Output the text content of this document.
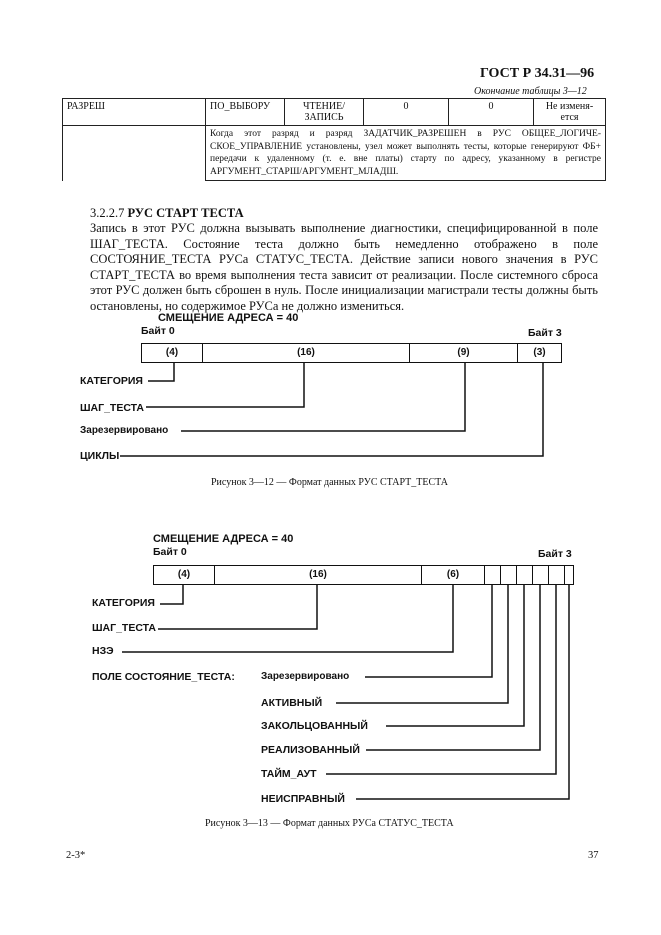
ГОСТ Р 34.31—96
Окончание таблицы 3—12
РАЗРЕШ	ПО_ВЫБОРУ	ЧТЕНИЕ/ ЗАПИСЬ	0	0	Не изменя-ется
	Когда этот разряд и разряд ЗАДАТЧИК_РАЗРЕШЕН в РУС ОБЩЕЕ_ЛОГИЧЕ-СКОЕ_УПРАВЛЕНИЕ установлены, узел может выполнять тесты, которые генерируют ФБ+ передачи к удаленному (т. е. вне платы) старту по адресу, указанному в регистре АРГУМЕНТ_СТАРШ/АРГУМЕНТ_МЛАДШ.				
3.2.2.7 РУС СТАРТ ТЕСТА
Запись в этот РУС должна вызывать выполнение диагностики, специфицированной в поле ШАГ_ТЕСТА. Состояние теста должно быть немедленно отображено в поле СОСТОЯНИЕ_ТЕСТА РУСа СТАТУС_ТЕСТА. Действие записи нового значения в РУС СТАРТ_ТЕСТА во время выполнения теста зависит от реализации. После системного сброса этот РУС должен быть сброшен в нуль. После инициализации магистрали тесты должны быть остановлены, но содержимое РУСа не должно измениться.
СМЕЩЕНИЕ АДРЕСА = 40
Байт 0	Байт 3
(4)	(16)	(9)	(3)
КАТЕГОРИЯ
ШАГ_ТЕСТА
Зарезервировано
ЦИКЛЫ
Рисунок 3—12 — Формат данных РУС СТАРТ_ТЕСТА
СМЕЩЕНИЕ АДРЕСА = 40
Байт 0	Байт 3
(4)	(16)	(6)
КАТЕГОРИЯ
ШАГ_ТЕСТА
НЗЭ
ПОЛЕ СОСТОЯНИЕ_ТЕСТА:	Зарезервировано
АКТИВНЫЙ
ЗАКОЛЬЦОВАННЫЙ
РЕАЛИЗОВАННЫЙ
ТАЙМ_АУТ
НЕИСПРАВНЫЙ
Рисунок 3—13 — Формат данных РУСа СТАТУС_ТЕСТА
2-3*	37
